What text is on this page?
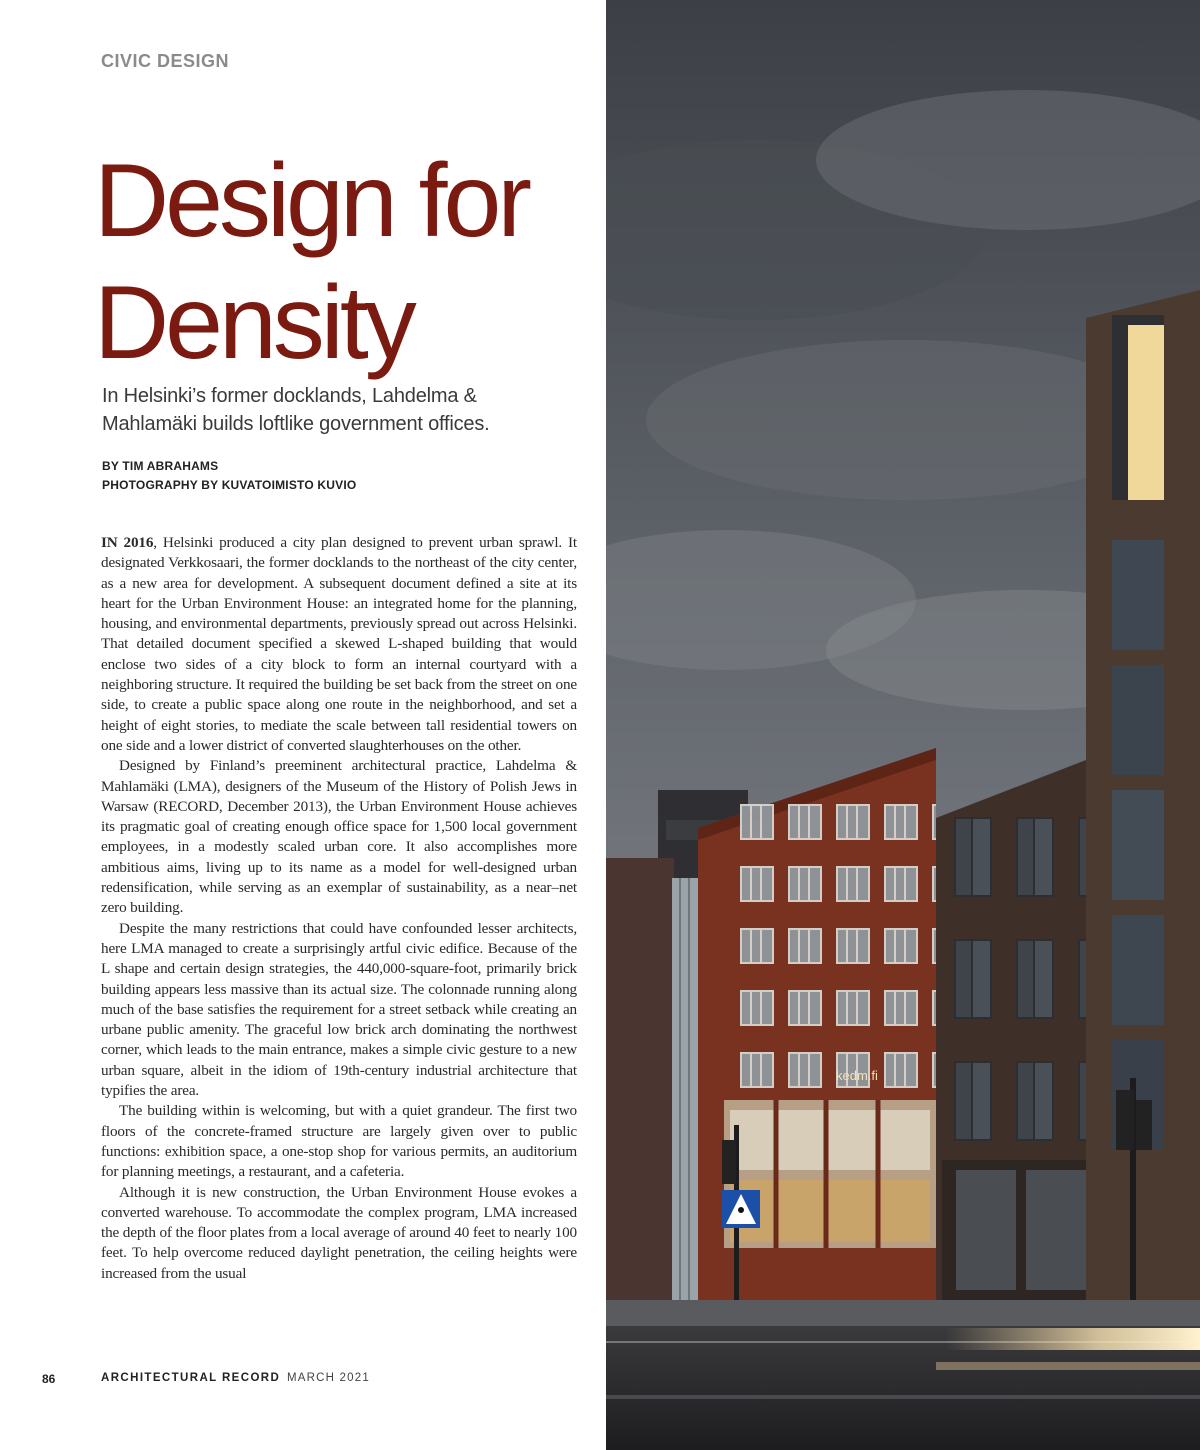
CIVIC DESIGN
Design for Density
In Helsinki’s former docklands, Lahdelma & Mahlamäki builds loftlike government offices.
BY TIM ABRAHAMS
PHOTOGRAPHY BY KUVATOIMISTO KUVIO

IN 2016, Helsinki produced a city plan designed to prevent urban sprawl. It designated Verkkosaari, the former docklands to the northeast of the city center, as a new area for development. A subsequent document defined a site at its heart for the Urban Environment House: an integrated home for the planning, housing, and environmental departments, previously spread out across Helsinki. That detailed document specified a skewed L-shaped building that would enclose two sides of a city block to form an internal courtyard with a neighboring structure. It required the building be set back from the street on one side, to create a public space along one route in the neighborhood, and set a height of eight stories, to mediate the scale between tall residential towers on one side and a lower district of converted slaughterhouses on the other.

Designed by Finland’s preeminent architectural practice, Lahdelma & Mahlamäki (LMA), designers of the Museum of the History of Polish Jews in Warsaw (RECORD, December 2013), the Urban Environment House achieves its pragmatic goal of creating enough office space for 1,500 local government employees, in a modestly scaled urban core. It also accomplishes more ambitious aims, living up to its name as a model for well-designed urban redensification, while serving as an exemplar of sustainability, as a near–net zero building.

Despite the many restrictions that could have confounded lesser architects, here LMA managed to create a surprisingly artful civic edifice. Because of the L shape and certain design strategies, the 440,000-square-foot, primarily brick building appears less massive than its actual size. The colonnade running along much of the base satisfies the requirement for a street setback while creating an urbane public amenity. The graceful low brick arch dominating the northwest corner, which leads to the main entrance, makes a simple civic gesture to a new urban square, albeit in the idiom of 19th-century industrial architecture that typifies the area.

The building within is welcoming, but with a quiet grandeur. The first two floors of the concrete-framed structure are largely given over to public functions: exhibition space, a one-stop shop for various permits, an auditorium for planning meetings, a restaurant, and a cafeteria.

Although it is new construction, the Urban Environment House evokes a converted warehouse. To accommodate the complex program, LMA increased the depth of the floor plates from a local average of around 40 feet to nearly 100 feet. To help overcome reduced daylight penetration, the ceiling heights were increased from the usual

86	ARCHITECTURAL RECORD MARCH 2021
kedm.fi
